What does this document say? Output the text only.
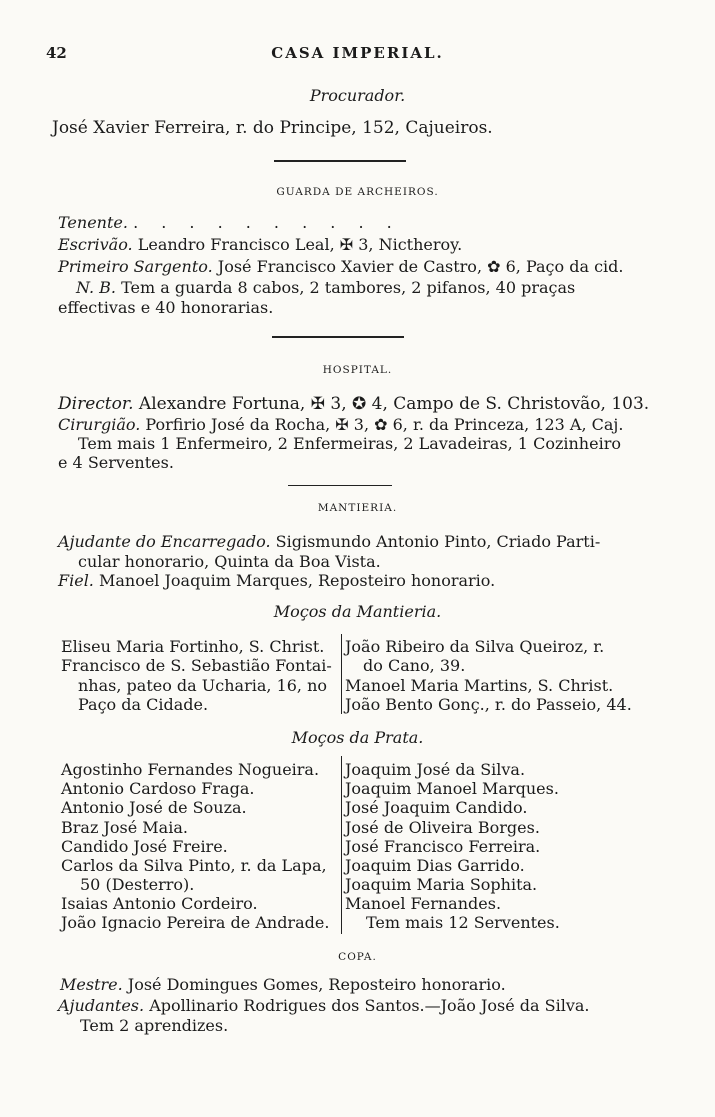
42	CASA IMPERIAL.
Procurador.
José Xavier Ferreira, r. do Principe, 152, Cajueiros.
GUARDA DE ARCHEIROS.
Tenente. . . . . . . . . . .
Escrivão. Leandro Francisco Leal, ✠ 3, Nictheroy.
Primeiro Sargento. José Francisco Xavier de Castro, ✿ 6, Paço da cid.
N. B. Tem a guarda 8 cabos, 2 tambores, 2 pifanos, 40 praças
effectivas e 40 honorarias.
HOSPITAL.
Director. Alexandre Fortuna, ✠ 3, ✪ 4, Campo de S. Christovão, 103.
Cirurgião. Porfirio José da Rocha, ✠ 3, ✿ 6, r. da Princeza, 123 A, Caj.
Tem mais 1 Enfermeiro, 2 Enfermeiras, 2 Lavadeiras, 1 Cozinheiro
e 4 Serventes.
MANTIERIA.
Ajudante do Encarregado. Sigismundo Antonio Pinto, Criado Parti-
cular honorario, Quinta da Boa Vista.
Fiel. Manoel Joaquim Marques, Reposteiro honorario.
Moços da Mantieria.
Eliseu Maria Fortinho, S. Christ.
Francisco de S. Sebastião Fontai-
nhas, pateo da Ucharia, 16, no
Paço da Cidade.
João Ribeiro da Silva Queiroz, r.
do Cano, 39.
Manoel Maria Martins, S. Christ.
João Bento Gonç., r. do Passeio, 44.
Moços da Prata.
Agostinho Fernandes Nogueira.
Antonio Cardoso Fraga.
Antonio José de Souza.
Braz José Maia.
Candido José Freire.
Carlos da Silva Pinto, r. da Lapa,
50 (Desterro).
Isaias Antonio Cordeiro.
João Ignacio Pereira de Andrade.
Joaquim José da Silva.
Joaquim Manoel Marques.
José Joaquim Candido.
José de Oliveira Borges.
José Francisco Ferreira.
Joaquim Dias Garrido.
Joaquim Maria Sophita.
Manoel Fernandes.
Tem mais 12 Serventes.
COPA.
Mestre. José Domingues Gomes, Reposteiro honorario.
Ajudantes. Apollinario Rodrigues dos Santos.—João José da Silva.
Tem 2 aprendizes.
